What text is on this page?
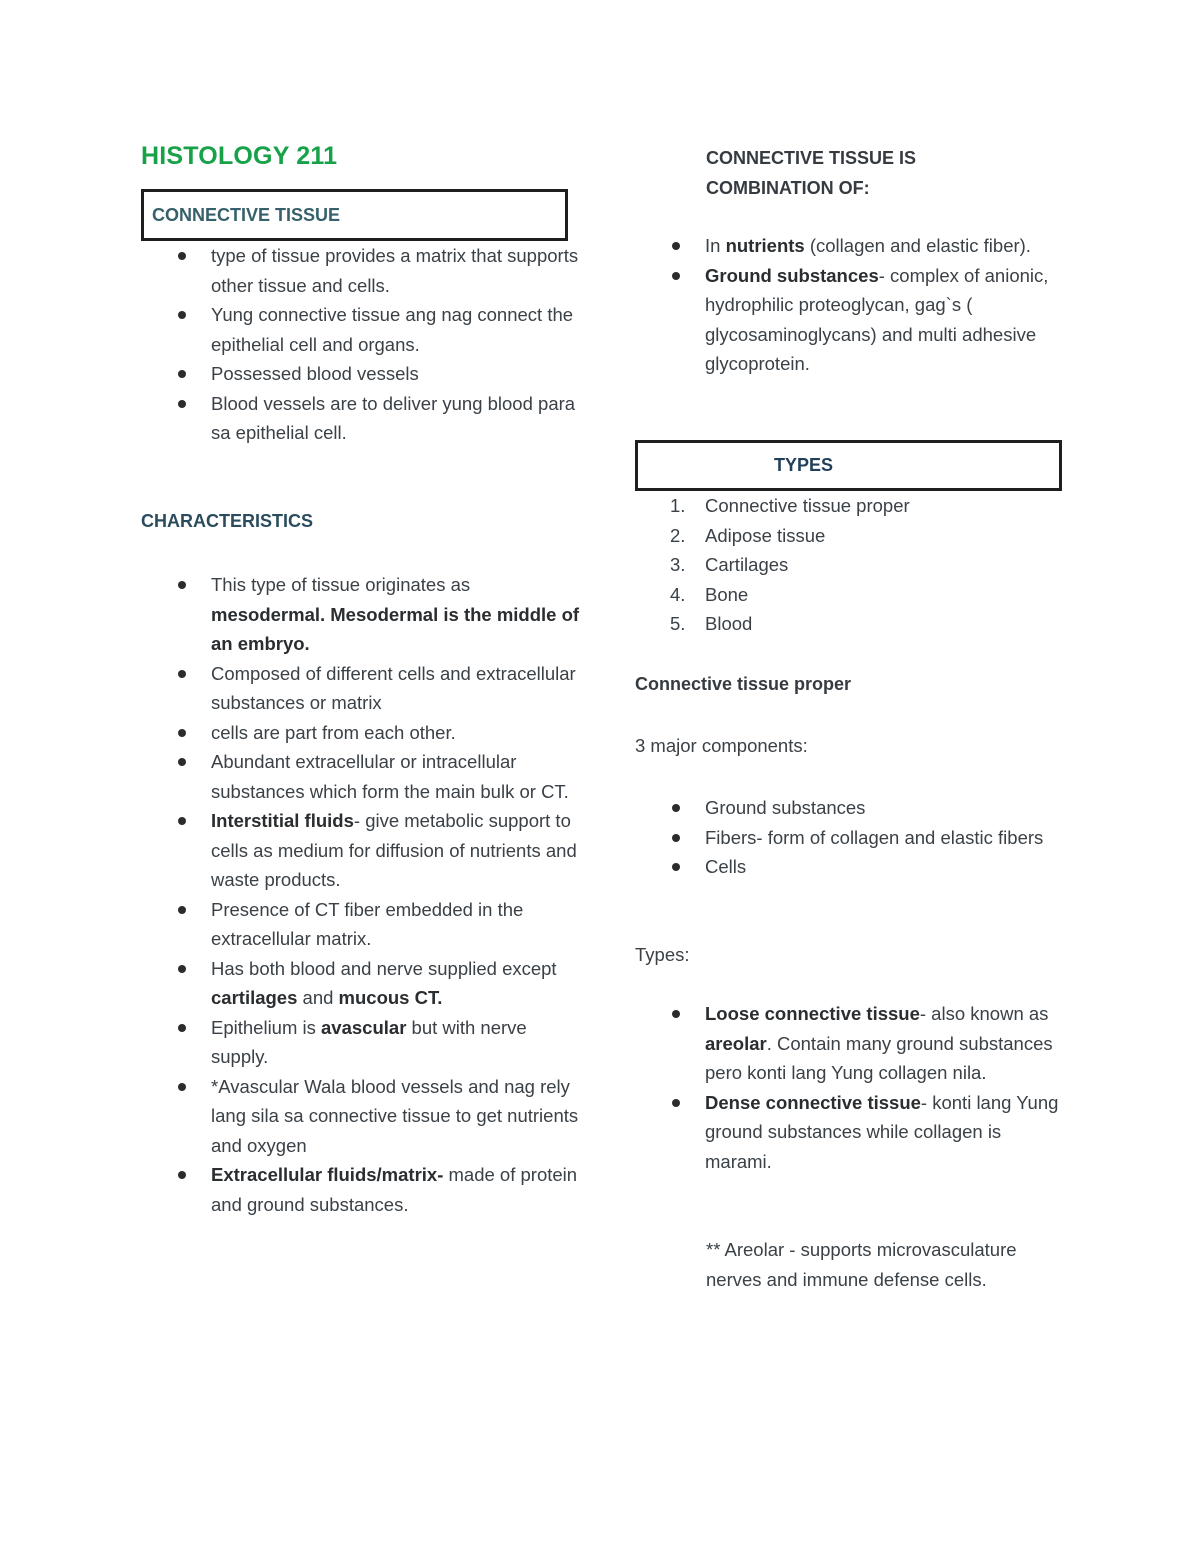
HISTOLOGY 211
CONNECTIVE TISSUE
type of tissue provides a matrix that supports other tissue and cells.
Yung connective tissue ang nag connect the epithelial cell and organs.
Possessed blood vessels
Blood vessels are to deliver yung blood para sa epithelial cell.
CHARACTERISTICS
This type of tissue originates as mesodermal. Mesodermal is the middle of an embryo.
Composed of different cells and extracellular substances or matrix
cells are part from each other.
Abundant extracellular or intracellular substances which form the main bulk or CT.
Interstitial fluids- give metabolic support to cells as medium for diffusion of nutrients and waste products.
Presence of CT fiber embedded in the extracellular matrix.
Has both blood and nerve supplied except cartilages and mucous CT.
Epithelium is avascular but with nerve supply.
*Avascular Wala blood vessels and nag rely lang sila sa connective tissue to get nutrients and oxygen
Extracellular fluids/matrix- made of protein and ground substances.
CONNECTIVE TISSUE IS
COMBINATION OF:
In nutrients (collagen and elastic fiber).
Ground substances- complex of anionic, hydrophilic proteoglycan, gag`s ( glycosaminoglycans) and multi adhesive glycoprotein.
TYPES
1. Connective tissue proper
2. Adipose tissue
3. Cartilages
4. Bone
5. Blood
Connective tissue proper

3 major components:

Ground substances
Fibers- form of collagen and elastic fibers
Cells

Types:

Loose connective tissue- also known as areolar. Contain many ground substances pero konti lang Yung collagen nila.
Dense connective tissue- konti lang Yung ground substances while collagen is marami.

** Areolar - supports microvasculature nerves and immune defense cells.
